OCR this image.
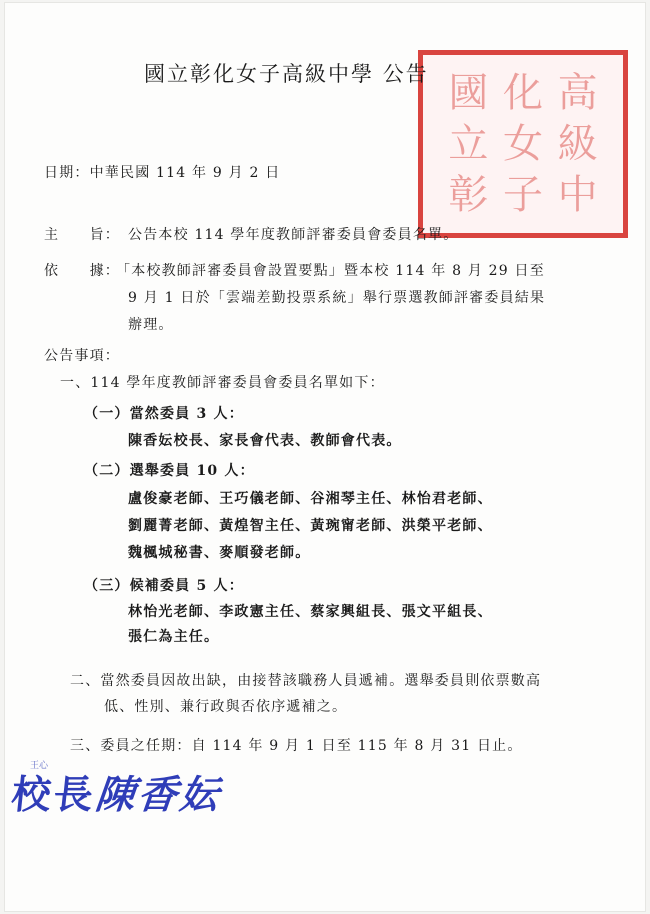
國
立
彰
化
女
子
高
級
中
國立彰化女子高級中學 公告
日期：中華民國 114 年 9 月 2 日
主　　旨： 公告本校 114 學年度教師評審委員會委員名單。
依　　據：
「本校教師評審委員會設置要點」暨本校 114 年 8 月 29 日至
9 月 1 日於「雲端差勤投票系統」舉行票選教師評審委員結果
辦理。
公告事項：
一、114 學年度教師評審委員會委員名單如下：
（一）當然委員 3 人：
陳香妘校長、家長會代表、教師會代表。
（二）選舉委員 10 人：
盧俊豪老師、王巧儀老師、谷湘琴主任、林怡君老師、
劉麗菁老師、黃煌智主任、黃琬甯老師、洪榮平老師、
魏楓城秘書、麥順發老師。
（三）候補委員 5 人：
林怡光老師、李政憲主任、蔡家興組長、張文平組長、
張仁為主任。
二、當然委員因故出缺，由接替該職務人員遞補。選舉委員則依票數高
低、性別、兼行政與否依序遞補之。
三、委員之任期：自 114 年 9 月 1 日至 115 年 8 月 31 日止。
王心
校長陳香妘
